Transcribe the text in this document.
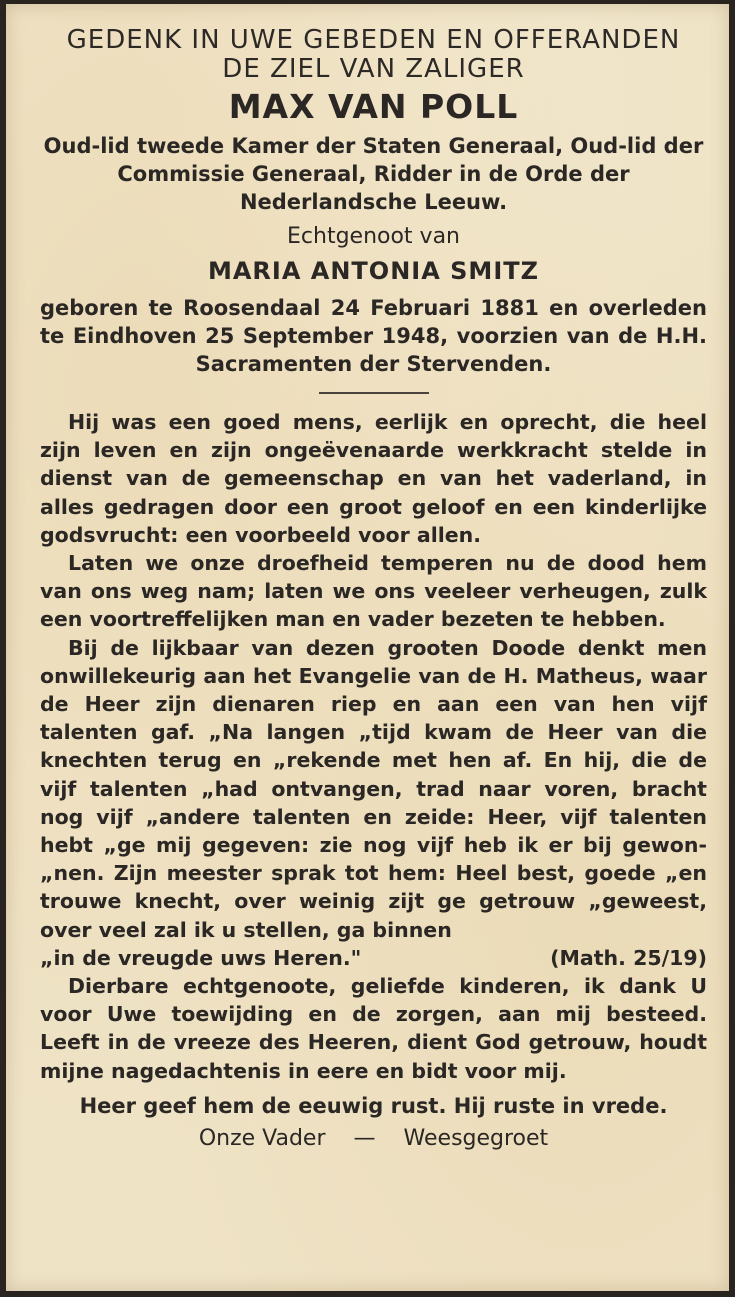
GEDENK IN UWE GEBEDEN EN OFFERANDEN
DE ZIEL VAN ZALIGER
MAX VAN POLL
Oud-lid tweede Kamer der Staten Generaal, Oud-lid der Commissie Generaal, Ridder in de Orde der Nederlandsche Leeuw.
Echtgenoot van
MARIA ANTONIA SMITZ
geboren te Roosendaal 24 Februari 1881 en overleden te Eindhoven 25 September 1948, voorzien van de H.H. Sacramenten der Stervenden.

Hij was een goed mens, eerlijk en oprecht, die heel zijn leven en zijn ongeëvenaarde werkkracht stelde in dienst van de gemeenschap en van het vaderland, in alles gedragen door een groot geloof en een kinderlijke godsvrucht: een voorbeeld voor allen.

Laten we onze droefheid temperen nu de dood hem van ons weg nam; laten we ons veeleer verheugen, zulk een voortreffelijken man en vader bezeten te hebben.

Bij de lijkbaar van dezen grooten Doode denkt men onwillekeurig aan het Evangelie van de H. Matheus, waar de Heer zijn dienaren riep en aan een van hen vijf talenten gaf. „Na langen „tijd kwam de Heer van die knechten terug en „rekende met hen af. En hij, die de vijf talenten „had ontvangen, trad naar voren, bracht nog vijf „andere talenten en zeide: Heer, vijf talenten hebt „ge mij gegeven: zie nog vijf heb ik er bij gewon-„nen. Zijn meester sprak tot hem: Heel best, goede „en trouwe knecht, over weinig zijt ge getrouw „geweest, over veel zal ik u stellen, ga binnen

„in de vreugde uws Heren."	(Math. 25/19)

Dierbare echtgenoote, geliefde kinderen, ik dank U voor Uwe toewijding en de zorgen, aan mij besteed. Leeft in de vreeze des Heeren, dient God getrouw, houdt mijne nagedachtenis in eere en bidt voor mij.

Heer geef hem de eeuwig rust. Hij ruste in vrede.
Onze Vader — Weesgegroet
